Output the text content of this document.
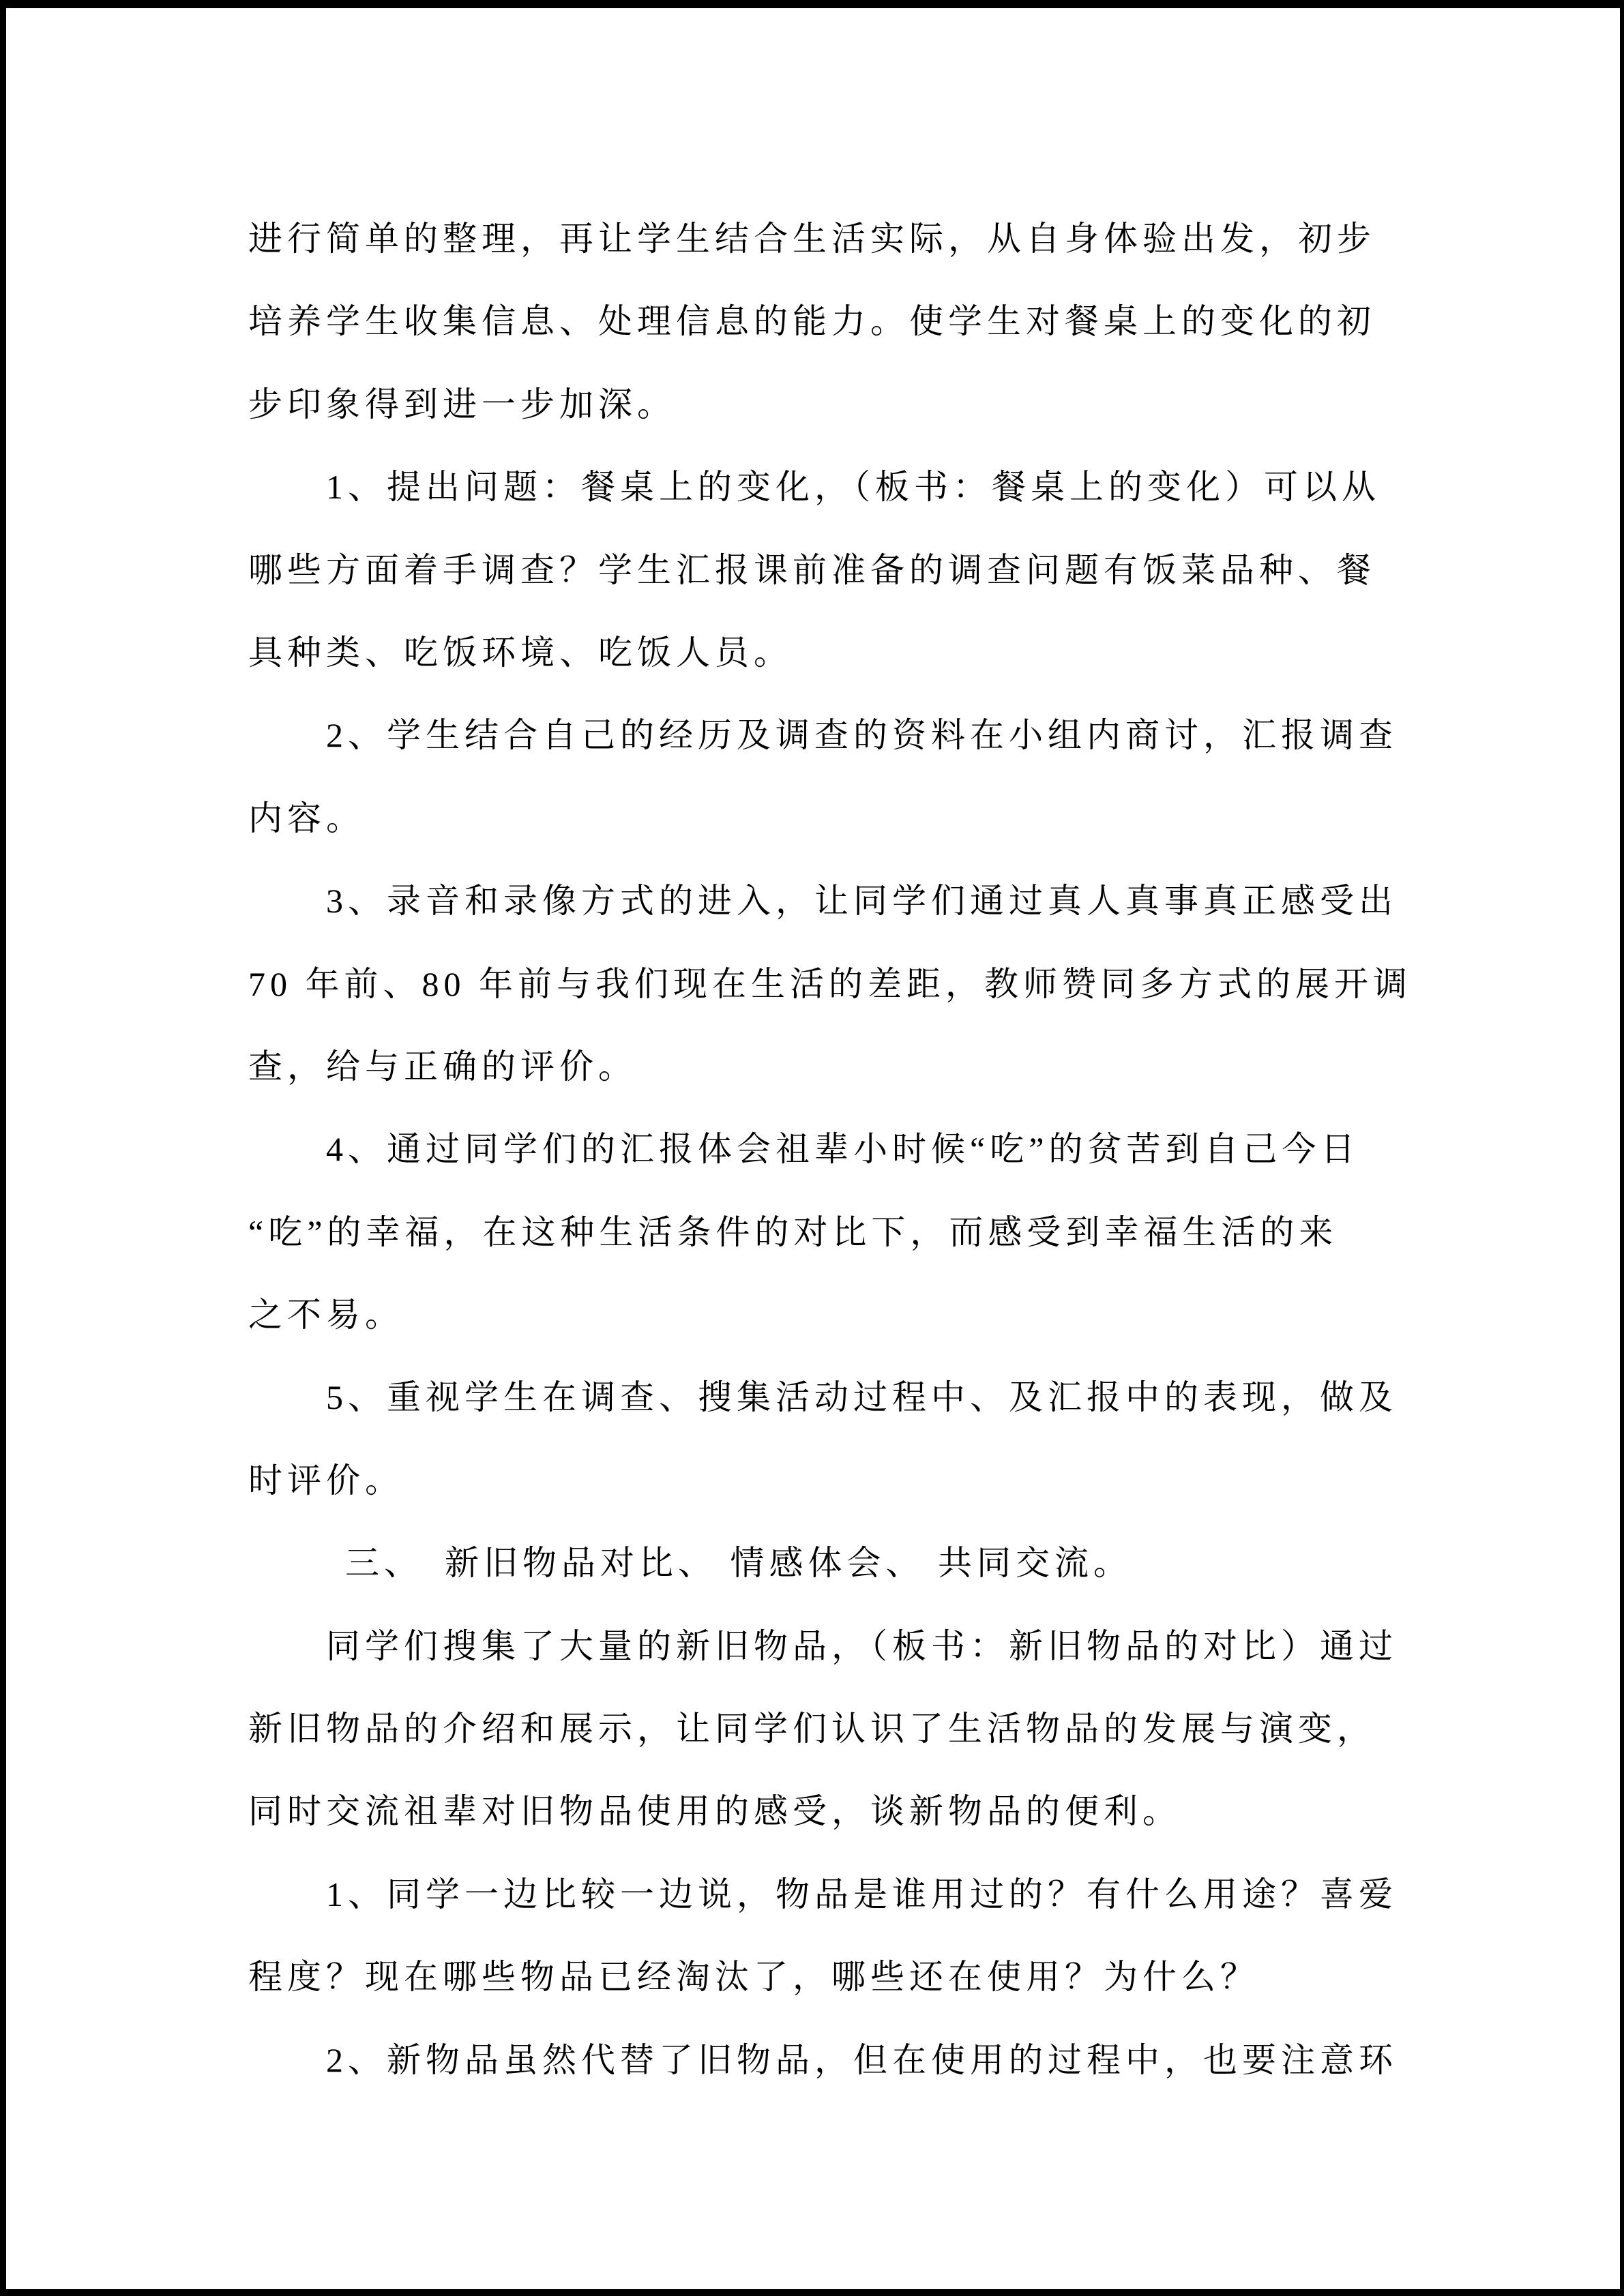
进行简单的整理，再让学生结合生活实际，从自身体验出发，初步
培养学生收集信息、处理信息的能力。使学生对餐桌上的变化的初
步印象得到进一步加深。
1、提出问题：餐桌上的变化，（板书：餐桌上的变化）可以从
哪些方面着手调查？学生汇报课前准备的调查问题有饭菜品种、餐
具种类、吃饭环境、吃饭人员。
2、学生结合自己的经历及调查的资料在小组内商讨，汇报调查
内容。
3、录音和录像方式的进入，让同学们通过真人真事真正感受出
70 年前、80 年前与我们现在生活的差距，教师赞同多方式的展开调
查，给与正确的评价。
4、通过同学们的汇报体会祖辈小时候“吃”的贫苦到自己今日
“吃”的幸福，在这种生活条件的对比下，而感受到幸福生活的来
之不易。
5、重视学生在调查、搜集活动过程中、及汇报中的表现，做及
时评价。
三、　新旧物品对比、 情感体会、 共同交流。
同学们搜集了大量的新旧物品，（板书：新旧物品的对比）通过
新旧物品的介绍和展示，让同学们认识了生活物品的发展与演变，
同时交流祖辈对旧物品使用的感受，谈新物品的便利。
1、同学一边比较一边说，物品是谁用过的？有什么用途？喜爱
程度？现在哪些物品已经淘汰了，哪些还在使用？为什么？
2、新物品虽然代替了旧物品，但在使用的过程中，也要注意环
